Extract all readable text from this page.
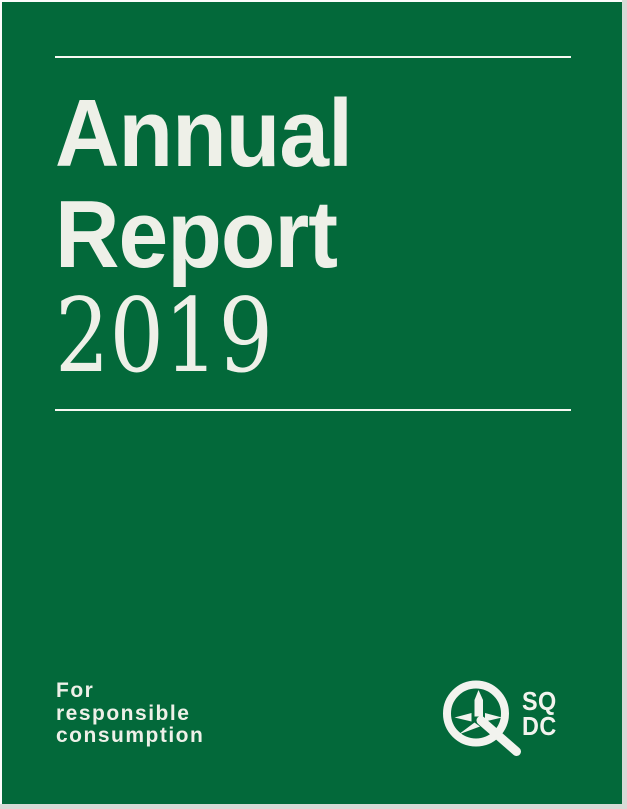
Annual
Report
2019
For
responsible
consumption
SQ
DC
